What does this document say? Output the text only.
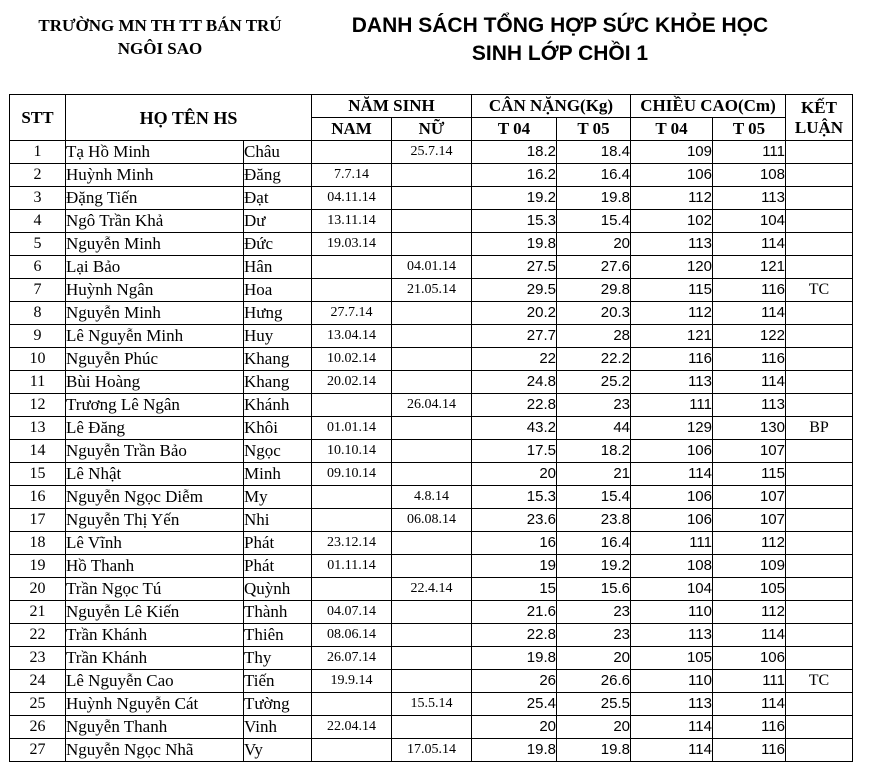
TRƯỜNG MN TH TT BÁN TRÚ
NGÔI SAO
DANH SÁCH TỔNG HỢP SỨC KHỎE HỌC
SINH LỚP CHỒI 1
STT	HỌ TÊN HS		NĂM SINH		CÂN NẶNG(Kg)		CHIỀU CAO(Cm)		KẾT
LUẬN

			NAM	NỮ	T 04	T 05	T 04	T 05	
1	Tạ Hồ Minh	Châu		25.7.14	18.2	18.4	109	111	
2	Huỳnh Minh	Đăng	7.7.14		16.2	16.4	106	108	
3	Đặng Tiến	Đạt	04.11.14		19.2	19.8	112	113	
4	Ngô Trần Khả	Dư	13.11.14		15.3	15.4	102	104	
5	Nguyễn Minh	Đức	19.03.14		19.8	20	113	114	
6	Lại Bảo	Hân		04.01.14	27.5	27.6	120	121	
7	Huỳnh Ngân	Hoa		21.05.14	29.5	29.8	115	116	TC
8	Nguyễn Minh	Hưng	27.7.14		20.2	20.3	112	114	
9	Lê Nguyễn Minh	Huy	13.04.14		27.7	28	121	122	
10	Nguyễn Phúc	Khang	10.02.14		22	22.2	116	116	
11	Bùi Hoàng	Khang	20.02.14		24.8	25.2	113	114	
12	Trương Lê Ngân	Khánh		26.04.14	22.8	23	111	113	
13	Lê Đăng	Khôi	01.01.14		43.2	44	129	130	BP
14	Nguyễn Trần Bảo	Ngọc	10.10.14		17.5	18.2	106	107	
15	Lê Nhật	Minh	09.10.14		20	21	114	115	
16	Nguyễn Ngọc Diễm	My		4.8.14	15.3	15.4	106	107	
17	Nguyễn Thị Yến	Nhi		06.08.14	23.6	23.8	106	107	
18	Lê Vĩnh	Phát	23.12.14		16	16.4	111	112	
19	Hồ Thanh	Phát	01.11.14		19	19.2	108	109	
20	Trần Ngọc Tú	Quỳnh		22.4.14	15	15.6	104	105	
21	Nguyễn Lê Kiến	Thành	04.07.14		21.6	23	110	112	
22	Trần Khánh	Thiên	08.06.14		22.8	23	113	114	
23	Trần Khánh	Thy	26.07.14		19.8	20	105	106	
24	Lê Nguyễn Cao	Tiến	19.9.14		26	26.6	110	111	TC
25	Huỳnh Nguyễn Cát	Tường		15.5.14	25.4	25.5	113	114	
26	Nguyễn Thanh	Vinh	22.04.14		20	20	114	116	
27	Nguyễn Ngọc Nhã	Vy		17.05.14	19.8	19.8	114	116	
